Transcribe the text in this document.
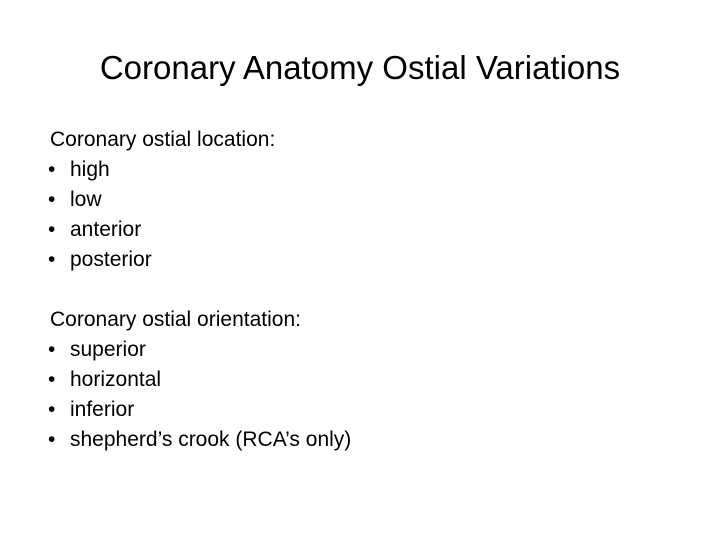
Coronary Anatomy Ostial Variations

Coronary ostial location:

• high
• low
• anterior
• posterior

Coronary ostial orientation:

• superior
• horizontal
• inferior
• shepherd’s crook (RCA’s only)
